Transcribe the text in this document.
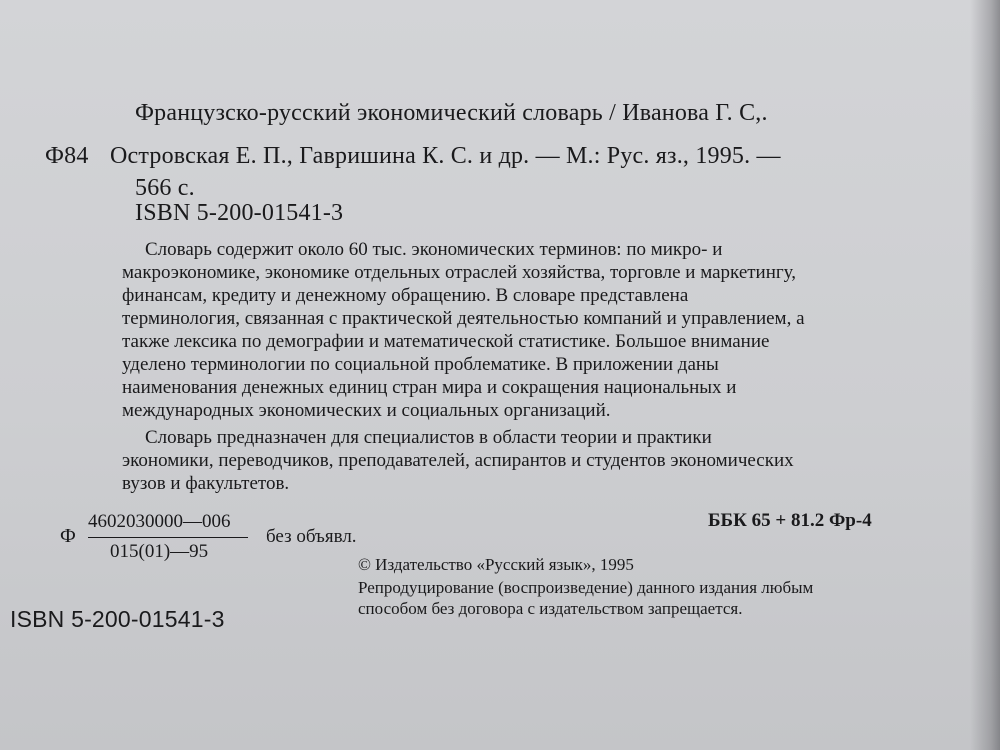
Французско-русский экономический словарь / Иванова Г. С,.
Ф84 Островская Е. П., Гавришина К. С. и др. — М.: Рус. яз., 1995. —
566 с.
ISBN 5-200-01541-3
Словарь содержит около 60 тыс. экономических терминов: по микро- и
макроэкономике, экономике отдельных отраслей хозяйства, торговле и маркетингу,
финансам, кредиту и денежному обращению. В словаре представлена
терминология, связанная с практической деятельностью компаний и управлением, а
также лексика по демографии и математической статистике. Большое внимание
уделено терминологии по социальной проблематике. В приложении даны
наименования денежных единиц стран мира и сокращения национальных и
международных экономических и социальных организаций.
Словарь предназначен для специалистов в области теории и практики
экономики, переводчиков, преподавателей, аспирантов и студентов экономических
вузов и факультетов.
Ф
4602030000—006
015(01)—95
без объявл.
ББК 65 + 81.2 Фр-4
© Издательство «Русский язык», 1995
Репродуцирование (воспроизведение) данного издания любым
способом без договора с издательством запрещается.
ISBN 5-200-01541-3
